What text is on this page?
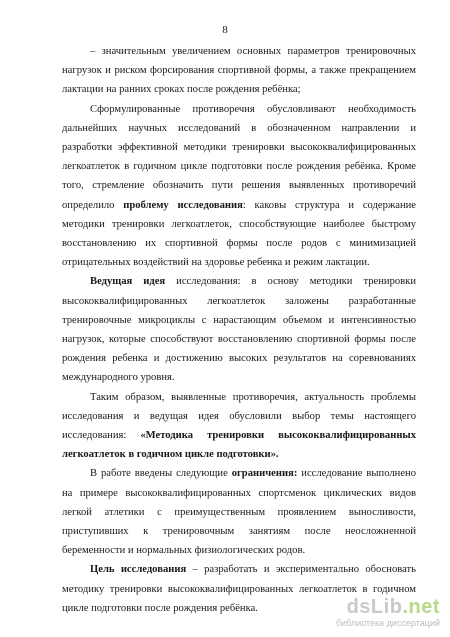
8

– значительным увеличением основных параметров тренировочных нагрузок и риском форсирования спортивной формы, а также прекращением лактации на ранних сроках после рождения ребёнка;

Сформулированные противоречия обусловливают необходимость дальнейших научных исследований в обозначенном направлении и разработки эффективной методики тренировки высококвалифицированных легкоатлеток в годичном цикле подготовки после рождения ребёнка. Кроме того, стремление обозначить пути решения выявленных противоречий определило проблему исследования: каковы структура и содержание методики тренировки легкоатлеток, способствующие наиболее быстрому восстановлению их спортивной формы после родов с минимизацией отрицательных воздействий на здоровье ребенка и режим лактации.

Ведущая идея исследования: в основу методики тренировки высококвалифицированных легкоатлеток заложены разработанные тренировочные микроциклы с нарастающим объемом и интенсивностью нагрузок, которые способствуют восстановлению спортивной формы после рождения ребенка и достижению высоких результатов на соревнованиях международного уровня.

Таким образом, выявленные противоречия, актуальность проблемы исследования и ведущая идея обусловили выбор темы настоящего исследования: «Методика тренировки высококвалифицированных легкоатлеток в годичном цикле подготовки».

В работе введены следующие ограничения: исследование выполнено на примере высококвалифицированных спортсменок циклических видов легкой атлетики с преимущественным проявлением выносливости, приступивших к тренировочным занятиям после неосложненной беременности и нормальных физиологических родов.

Цель исследования – разработать и экспериментально обосновать методику тренировки высококвалифицированных легкоатлеток в годичном цикле подготовки после рождения ребёнка.	dsLib.net
библиотека диссертаций
